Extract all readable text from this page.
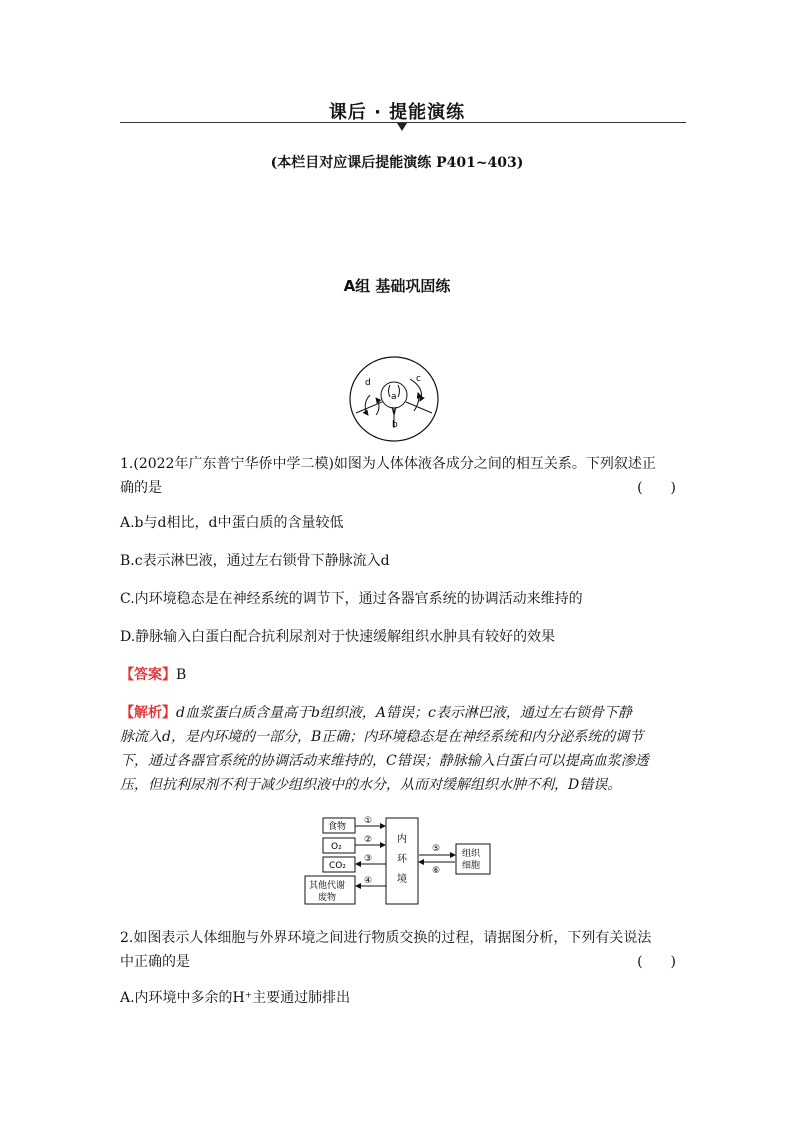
课后 · 提能演练
(本栏目对应课后提能演练 P401~403)
A组 基础巩固练
a
b
c
d
1.(2022年广东普宁华侨中学二模)如图为人体体液各成分之间的相互关系。下列叙述正
确的是	(　　)
A.b与d相比，d中蛋白质的含量较低
B.c表示淋巴液，通过左右锁骨下静脉流入d
C.内环境稳态是在神经系统的调节下，通过各器官系统的协调活动来维持的
D.静脉输入白蛋白配合抗利尿剂对于快速缓解组织水肿具有较好的效果
【答案】B
【解析】d血浆蛋白质含量高于b组织液，A错误；c表示淋巴液，通过左右锁骨下静
脉流入d，是内环境的一部分，B正确；内环境稳态是在神经系统和内分泌系统的调节
下，通过各器官系统的协调活动来维持的，C错误；静脉输入白蛋白可以提高血浆渗透
压，但抗利尿剂不利于减少组织液中的水分，从而对缓解组织水肿不利，D错误。
食物
O₂
CO₂
其他代谢
废物
内
环
境
组织
细胞
①
②
③
④
⑤
⑥
2.如图表示人体细胞与外界环境之间进行物质交换的过程，请据图分析，下列有关说法
中正确的是	(　　)
A.内环境中多余的H⁺主要通过肺排出
